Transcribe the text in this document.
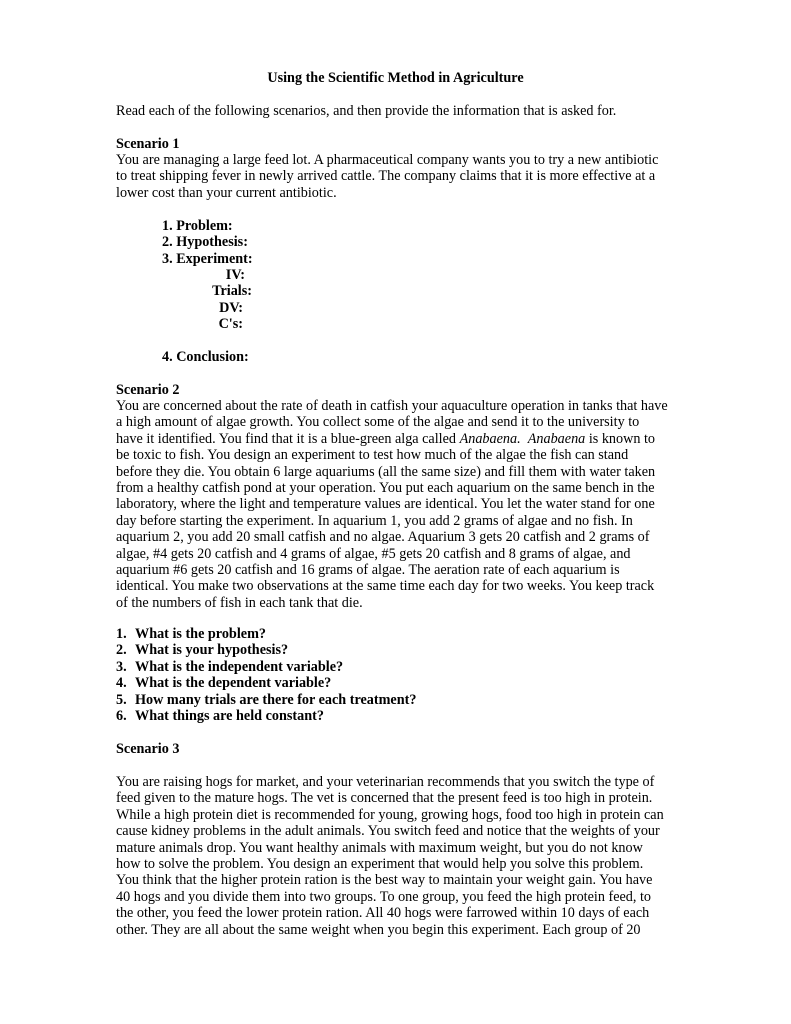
Using the Scientific Method in Agriculture
Read each of the following scenarios, and then provide the information that is asked for.
Scenario 1
You are managing a large feed lot. A pharmaceutical company wants you to try a new antibiotic
to treat shipping fever in newly arrived cattle. The company claims that it is more effective at a
lower cost than your current antibiotic.
1. Problem:
2. Hypothesis:
3. Experiment:
IV:
Trials:
DV:
C's:
4. Conclusion:
Scenario 2
You are concerned about the rate of death in catfish your aquaculture operation in tanks that have
a high amount of algae growth. You collect some of the algae and send it to the university to
have it identified. You find that it is a blue-green alga called Anabaena. Anabaena is known to
be toxic to fish. You design an experiment to test how much of the algae the fish can stand
before they die. You obtain 6 large aquariums (all the same size) and fill them with water taken
from a healthy catfish pond at your operation. You put each aquarium on the same bench in the
laboratory, where the light and temperature values are identical. You let the water stand for one
day before starting the experiment. In aquarium 1, you add 2 grams of algae and no fish. In
aquarium 2, you add 20 small catfish and no algae. Aquarium 3 gets 20 catfish and 2 grams of
algae, #4 gets 20 catfish and 4 grams of algae, #5 gets 20 catfish and 8 grams of algae, and
aquarium #6 gets 20 catfish and 16 grams of algae. The aeration rate of each aquarium is
identical. You make two observations at the same time each day for two weeks. You keep track
of the numbers of fish in each tank that die.
1. What is the problem?
2. What is your hypothesis?
3. What is the independent variable?
4. What is the dependent variable?
5. How many trials are there for each treatment?
6. What things are held constant?
Scenario 3
You are raising hogs for market, and your veterinarian recommends that you switch the type of
feed given to the mature hogs. The vet is concerned that the present feed is too high in protein.
While a high protein diet is recommended for young, growing hogs, food too high in protein can
cause kidney problems in the adult animals. You switch feed and notice that the weights of your
mature animals drop. You want healthy animals with maximum weight, but you do not know
how to solve the problem. You design an experiment that would help you solve this problem.
You think that the higher protein ration is the best way to maintain your weight gain. You have
40 hogs and you divide them into two groups. To one group, you feed the high protein feed, to
the other, you feed the lower protein ration. All 40 hogs were farrowed within 10 days of each
other. They are all about the same weight when you begin this experiment. Each group of 20
